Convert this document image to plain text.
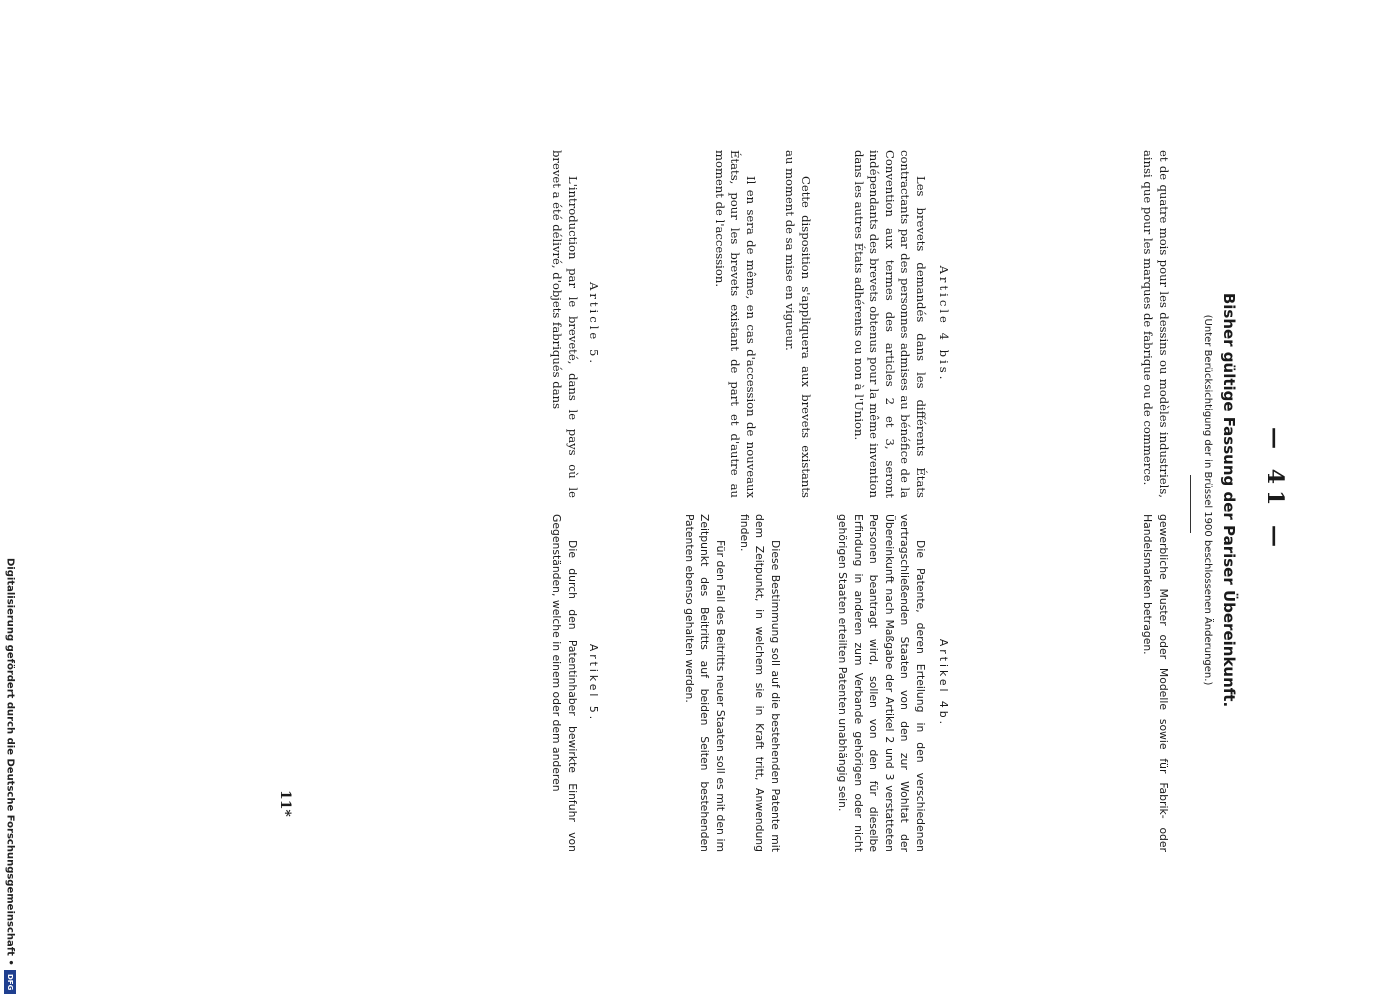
— 41 —
Bisher gültige Fassung der Pariser Übereinkunft.
(Unter Berücksichtigung der in Brüssel 1900 beschlossenen Änderungen.)
et de quatre mois pour les dessins ou modèles industriels, ainsi que pour les marques de fabrique ou de commerce.
Article 4 bis.
Les brevets demandés dans les différents États contractants par des personnes admises au bénéfice de la Convention aux termes des articles 2 et 3, seront indépendants des brevets obtenus pour la même invention dans les autres États adhérents ou non à l'Union.
Cette disposition s'appliquera aux brevets existants au moment de sa mise en vigueur.
Il en sera de même, en cas d'accession de nouveaux États, pour les brevets existant de part et d'autre au moment de l'accession.
Article 5.
L'introduction par le breveté, dans le pays où le brevet a été délivré, d'objets fabriqués dans
gewerbliche Muster oder Modelle sowie für Fabrik- oder Handelsmarken betragen.
Artikel 4b.
Die Patente, deren Erteilung in den verschiedenen vertragschließenden Staaten von den zur Wohltat der Übereinkunft nach Maßgabe der Artikel 2 und 3 verstatteten Personen beantragt wird, sollen von den für dieselbe Erfindung in anderen zum Verbande gehörigen oder nicht gehörigen Staaten erteilten Patenten unabhängig sein.
Diese Bestimmung soll auf die bestehenden Patente mit dem Zeitpunkt, in welchem sie in Kraft tritt, Anwendung finden.
Für den Fall des Beitritts neuer Staaten soll es mit den im Zeitpunkt des Beitritts auf beiden Seiten bestehenden Patenten ebenso gehalten werden.
Artikel 5.
Die durch den Patentinhaber bewirkte Einfuhr von Gegenständen, welche in einem oder dem anderen
11*
Digitalisierung gefördert durch die Deutsche Forschungsgemeinschaft •
DFG
